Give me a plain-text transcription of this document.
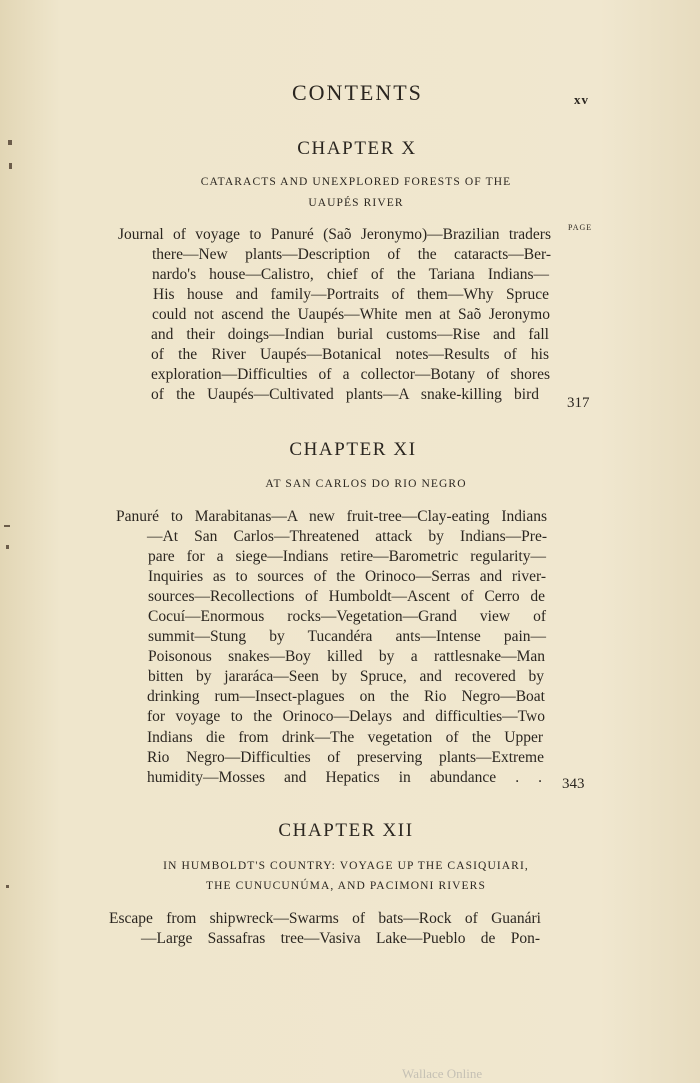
CONTENTS	xv
CHAPTER X
CATARACTS AND UNEXPLORED FORESTS OF THE
UAUPÉS RIVER
PAGE
Journal of voyage to Panuré (Saõ Jeronymo)—Brazilian traders
there—New plants—Description of the cataracts—Ber-
nardo's house—Calistro, chief of the Tariana Indians—
His house and family—Portraits of them—Why Spruce
could not ascend the Uaupés—White men at Saõ Jeronymo
and their doings—Indian burial customs—Rise and fall
of the River Uaupés—Botanical notes—Results of his
exploration—Difficulties of a collector—Botany of shores
of the Uaupés—Cultivated plants—A snake-killing bird 317
CHAPTER XI
AT SAN CARLOS DO RIO NEGRO
Panuré to Marabitanas—A new fruit-tree—Clay-eating Indians
—At San Carlos—Threatened attack by Indians—Pre-
pare for a siege—Indians retire—Barometric regularity—
Inquiries as to sources of the Orinoco—Serras and river-
sources—Recollections of Humboldt—Ascent of Cerro de
Cocuí—Enormous rocks—Vegetation—Grand view of
summit—Stung by Tucandéra ants—Intense pain—
Poisonous snakes—Boy killed by a rattlesnake—Man
bitten by jararáca—Seen by Spruce, and recovered by
drinking rum—Insect-plagues on the Rio Negro—Boat
for voyage to the Orinoco—Delays and difficulties—Two
Indians die from drink—The vegetation of the Upper
Rio Negro—Difficulties of preserving plants—Extreme
humidity—Mosses and Hepatics in abundance . . 343
CHAPTER XII
IN HUMBOLDT'S COUNTRY: VOYAGE UP THE CASIQUIARI,
THE CUNUCUNÚMA, AND PACIMONI RIVERS
Escape from shipwreck—Swarms of bats—Rock of Guanári
—Large Sassafras tree—Vasiva Lake—Pueblo de Pon-
Wallace Online
